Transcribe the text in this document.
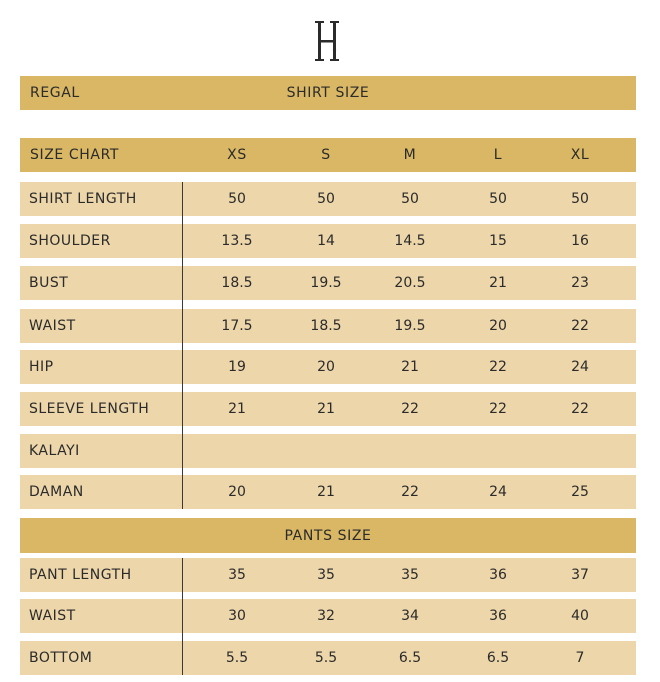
REGAL	SHIRT SIZE
SIZE CHART	XS	S	M	L	XL
SHIRT LENGTH	50	50	50	50	50
SHOULDER	13.5	14	14.5	15	16
BUST	18.5	19.5	20.5	21	23
WAIST	17.5	18.5	19.5	20	22
HIP	19	20	21	22	24
SLEEVE LENGTH	21	21	22	22	22
KALAYI
DAMAN	20	21	22	24	25
PANTS SIZE
PANT LENGTH	35	35	35	36	37
WAIST	30	32	34	36	40
BOTTOM	5.5	5.5	6.5	6.5	7
